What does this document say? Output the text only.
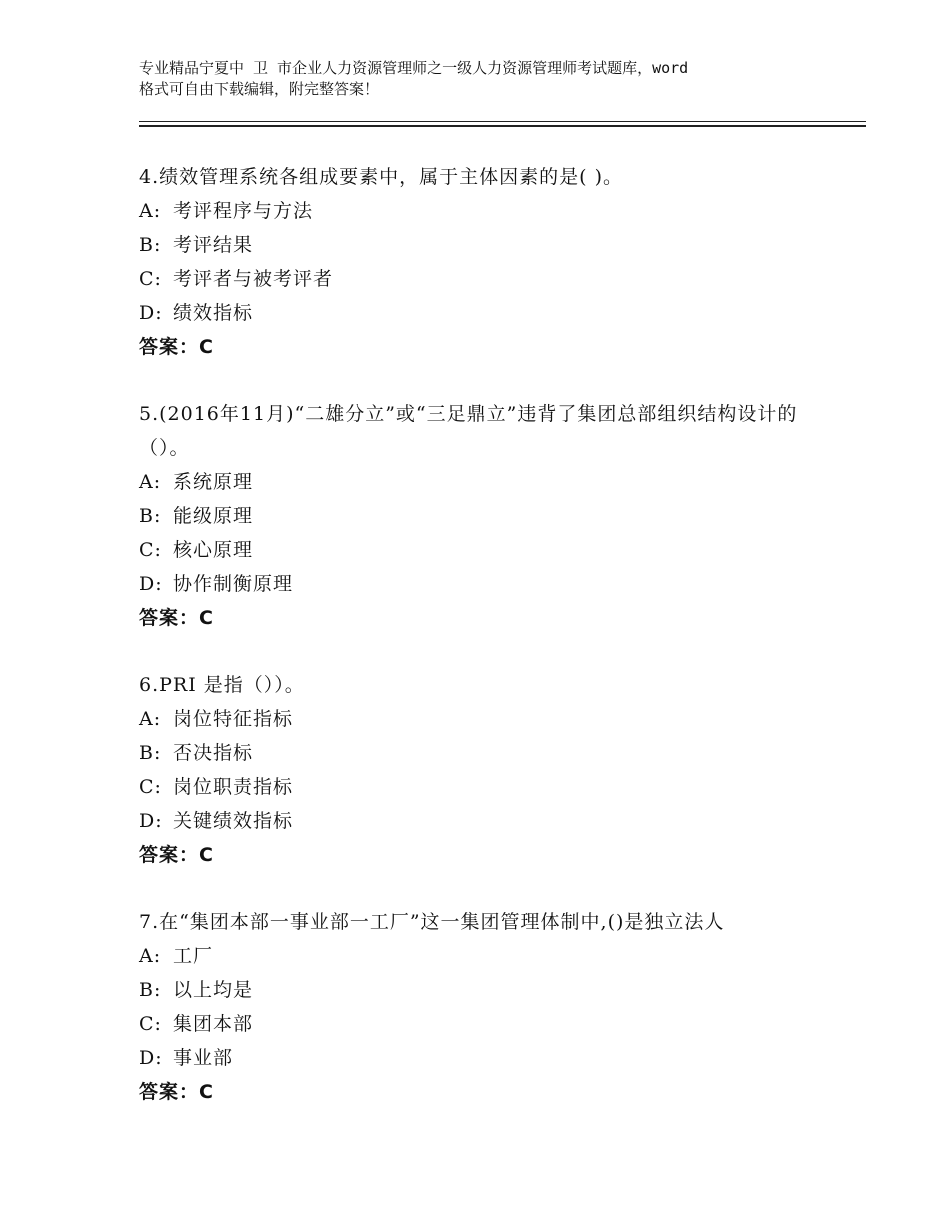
专业精品宁夏中 卫 市企业人力资源管理师之一级人力资源管理师考试题库，word
格式可自由下载编辑，附完整答案！
4.绩效管理系统各组成要素中，属于主体因素的是( )。
A: 考评程序与方法
B: 考评结果
C: 考评者与被考评者
D: 绩效指标
答案：C
5.(2016年11月)“二雄分立”或“三足鼎立”违背了集团总部组织结构设计的（）。
A: 系统原理
B: 能级原理
C: 核心原理
D: 协作制衡原理
答案：C
6.PRI 是指（））。
A: 岗位特征指标
B: 否决指标
C: 岗位职责指标
D: 关键绩效指标
答案：C
7.在“集团本部一事业部一工厂”这一集团管理体制中,()是独立法人
A: 工厂
B: 以上均是
C: 集团本部
D: 事业部
答案：C
